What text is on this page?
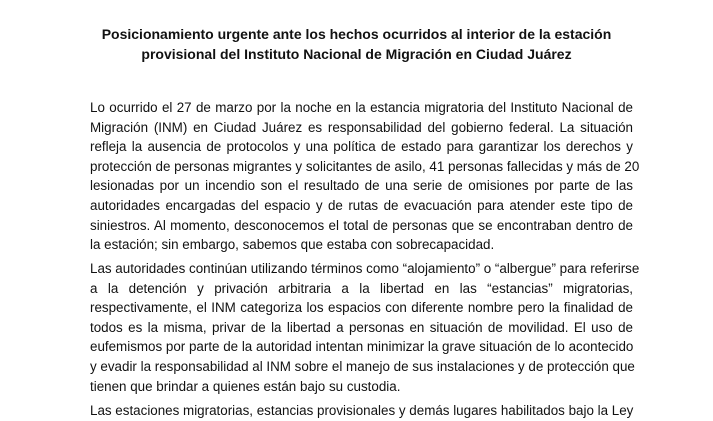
Posicionamiento urgente ante los hechos ocurridos al interior de la estación
provisional del Instituto Nacional de Migración en Ciudad Juárez
Lo ocurrido el 27 de marzo por la noche en la estancia migratoria del Instituto Nacional de
Migración (INM) en Ciudad Juárez es responsabilidad del gobierno federal. La situación
refleja la ausencia de protocolos y una política de estado para garantizar los derechos y
protección de personas migrantes y solicitantes de asilo, 41 personas fallecidas y más de 20
lesionadas por un incendio son el resultado de una serie de omisiones por parte de las
autoridades encargadas del espacio y de rutas de evacuación para atender este tipo de
siniestros. Al momento, desconocemos el total de personas que se encontraban dentro de
la estación; sin embargo, sabemos que estaba con sobrecapacidad.
Las autoridades continúan utilizando términos como “alojamiento” o “albergue” para referirse
a la detención y privación arbitraria a la libertad en las “estancias” migratorias,
respectivamente, el INM categoriza los espacios con diferente nombre pero la finalidad de
todos es la misma, privar de la libertad a personas en situación de movilidad. El uso de
eufemismos por parte de la autoridad intentan minimizar la grave situación de lo acontecido
y evadir la responsabilidad al INM sobre el manejo de sus instalaciones y de protección que
tienen que brindar a quienes están bajo su custodia.
Las estaciones migratorias, estancias provisionales y demás lugares habilitados bajo la Ley
